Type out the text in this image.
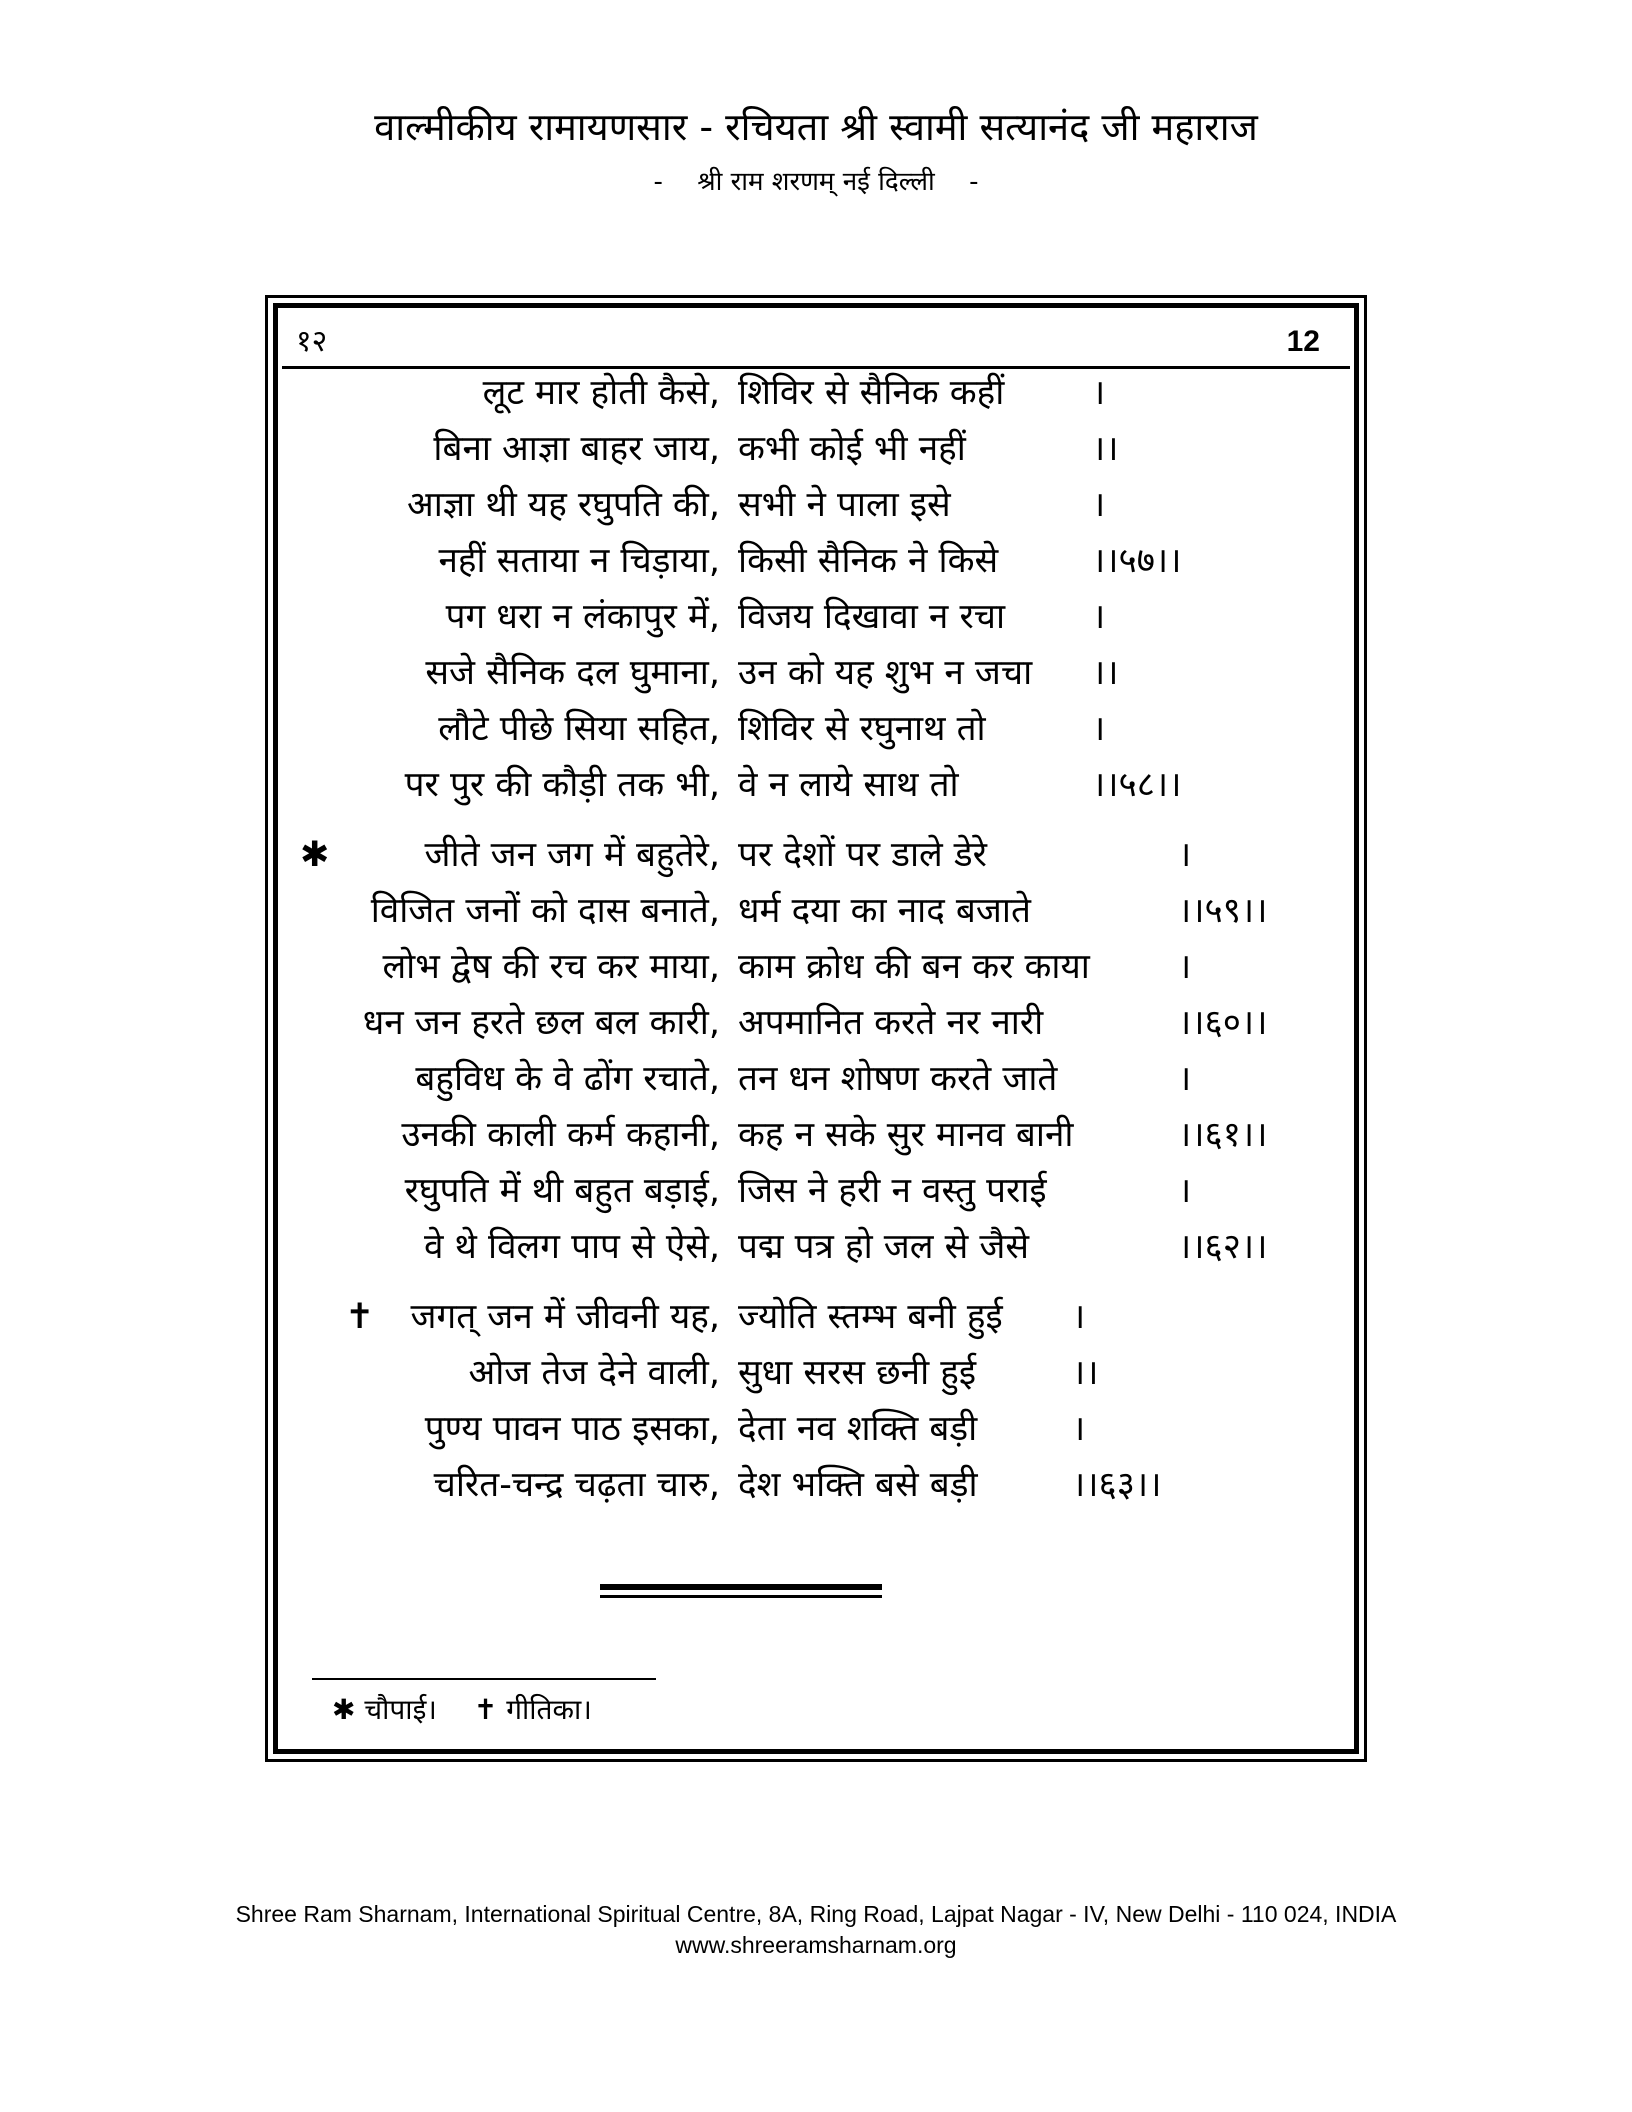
वाल्मीकीय रामायणसार - रचियता श्री स्वामी सत्यानंद जी महाराज
- श्री राम शरणम् नई दिल्ली -
१२	12
लूट मार होती कैसे, शिविर से सैनिक कहीं	।
बिना आज्ञा बाहर जाय, कभी कोई भी नहीं	।।
आज्ञा थी यह रघुपति की, सभी ने पाला इसे	।
नहीं सताया न चिड़ाया, किसी सैनिक ने किसे	।।५७।।
पग धरा न लंकापुर में, विजय दिखावा न रचा ।
सजे सैनिक दल घुमाना, उन को यह शुभ न जचा ।।
लौटे पीछे सिया सहित, शिविर से रघुनाथ तो	।
पर पुर की कौड़ी तक भी, वे न लाये साथ तो	।।५८।।
✱	जीते जन जग में बहुतेरे, पर देशों पर डाले डेरे	।
विजित जनों को दास बनाते, धर्म दया का नाद बजाते	।।५९।।
लोभ द्वेष की रच कर माया, काम क्रोध की बन कर काया	।
धन जन हरते छल बल कारी, अपमानित करते नर नारी	।।६०।।
बहुविध के वे ढोंग रचाते, तन धन शोषण करते जाते	।
उनकी काली कर्म कहानी, कह न सके सुर मानव बानी	।।६१।।
रघुपति में थी बहुत बड़ाई, जिस ने हरी न वस्तु पराई	।
वे थे विलग पाप से ऐसे, पद्म पत्र हो जल से जैसे	।।६२।।
✝	जगत् जन में जीवनी यह, ज्योति स्तम्भ बनी हुई ।
ओज तेज देने वाली, सुधा सरस छनी हुई	।।
पुण्य पावन पाठ इसका, देता नव शक्ति बड़ी	।
चरित-चन्द्र चढ़ता चारु, देश भक्ति बसे बड़ी	।।६३।।
✱ चौपाई। ✝ गीतिका।
Shree Ram Sharnam, International Spiritual Centre, 8A, Ring Road, Lajpat Nagar - IV, New Delhi - 110 024, INDIA
www.shreeramsharnam.org
